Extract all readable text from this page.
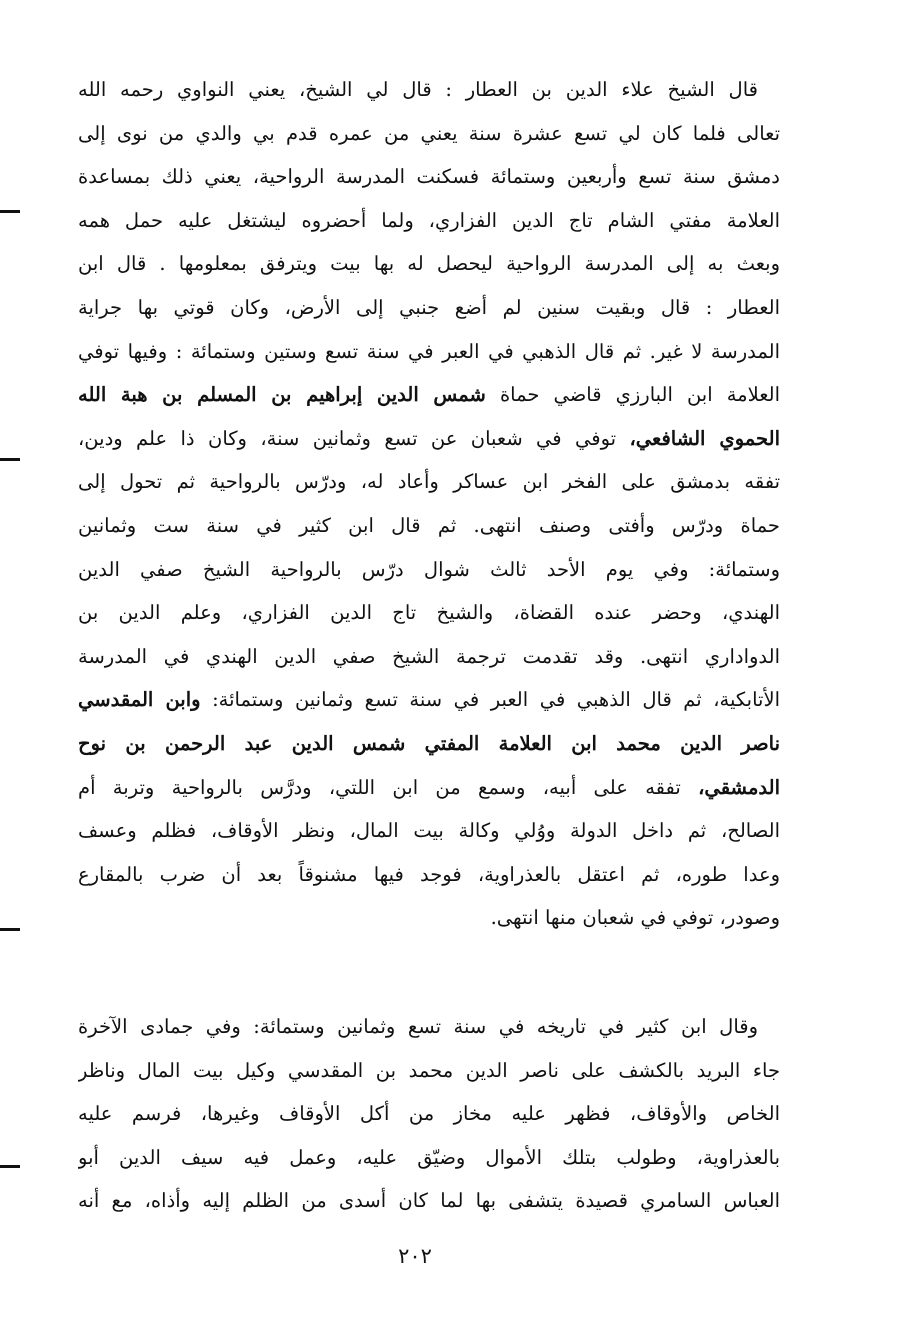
قال الشيخ علاء الدين بن العطار : قال لي الشيخ، يعني النواوي رحمه الله
تعالى فلما كان لي تسع عشرة سنة يعني من عمره قدم بي والدي من نوى إلى
دمشق سنة تسع وأربعين وستمائة فسكنت المدرسة الرواحية، يعني ذلك بمساعدة
العلامة مفتي الشام تاج الدين الفزاري، ولما أحضروه ليشتغل عليه حمل همه
وبعث به إلى المدرسة الرواحية ليحصل له بها بيت ويترفق بمعلومها . قال ابن
العطار : قال وبقيت سنين لم أضع جنبي إلى الأرض، وكان قوتي بها جراية
المدرسة لا غير. ثم قال الذهبي في العبر في سنة تسع وستين وستمائة : وفيها توفي
العلامة ابن البارزي قاضي حماة شمس الدين إبراهيم بن المسلم بن هبة الله
الحموي الشافعي، توفي في شعبان عن تسع وثمانين سنة، وكان ذا علم ودين،
تفقه بدمشق على الفخر ابن عساكر وأعاد له، ودرّس بالرواحية ثم تحول إلى
حماة ودرّس وأفتى وصنف انتهى. ثم قال ابن كثير في سنة ست وثمانين
وستمائة: وفي يوم الأحد ثالث شوال درّس بالرواحية الشيخ صفي الدين
الهندي، وحضر عنده القضاة، والشيخ تاج الدين الفزاري، وعلم الدين بن
الدواداري انتهى. وقد تقدمت ترجمة الشيخ صفي الدين الهندي في المدرسة
الأتابكية، ثم قال الذهبي في العبر في سنة تسع وثمانين وستمائة: وابن المقدسي
ناصر الدين محمد ابن العلامة المفتي شمس الدين عبد الرحمن بن نوح
الدمشقي، تفقه على أبيه، وسمع من ابن اللتي، ودرَّس بالرواحية وتربة أم
الصالح، ثم داخل الدولة ووُلي وكالة بيت المال، ونظر الأوقاف، فظلم وعسف
وعدا طوره، ثم اعتقل بالعذراوية، فوجد فيها مشنوقاً بعد أن ضرب بالمقارع
وصودر، توفي في شعبان منها انتهى.
وقال ابن كثير في تاريخه في سنة تسع وثمانين وستمائة: وفي جمادى الآخرة
جاء البريد بالكشف على ناصر الدين محمد بن المقدسي وكيل بيت المال وناظر
الخاص والأوقاف، فظهر عليه مخاز من أكل الأوقاف وغيرها، فرسم عليه
بالعذراوية، وطولب بتلك الأموال وضيّق عليه، وعمل فيه سيف الدين أبو
العباس السامري قصيدة يتشفى بها لما كان أسدى من الظلم إليه وأذاه، مع أنه
٢٠٢
